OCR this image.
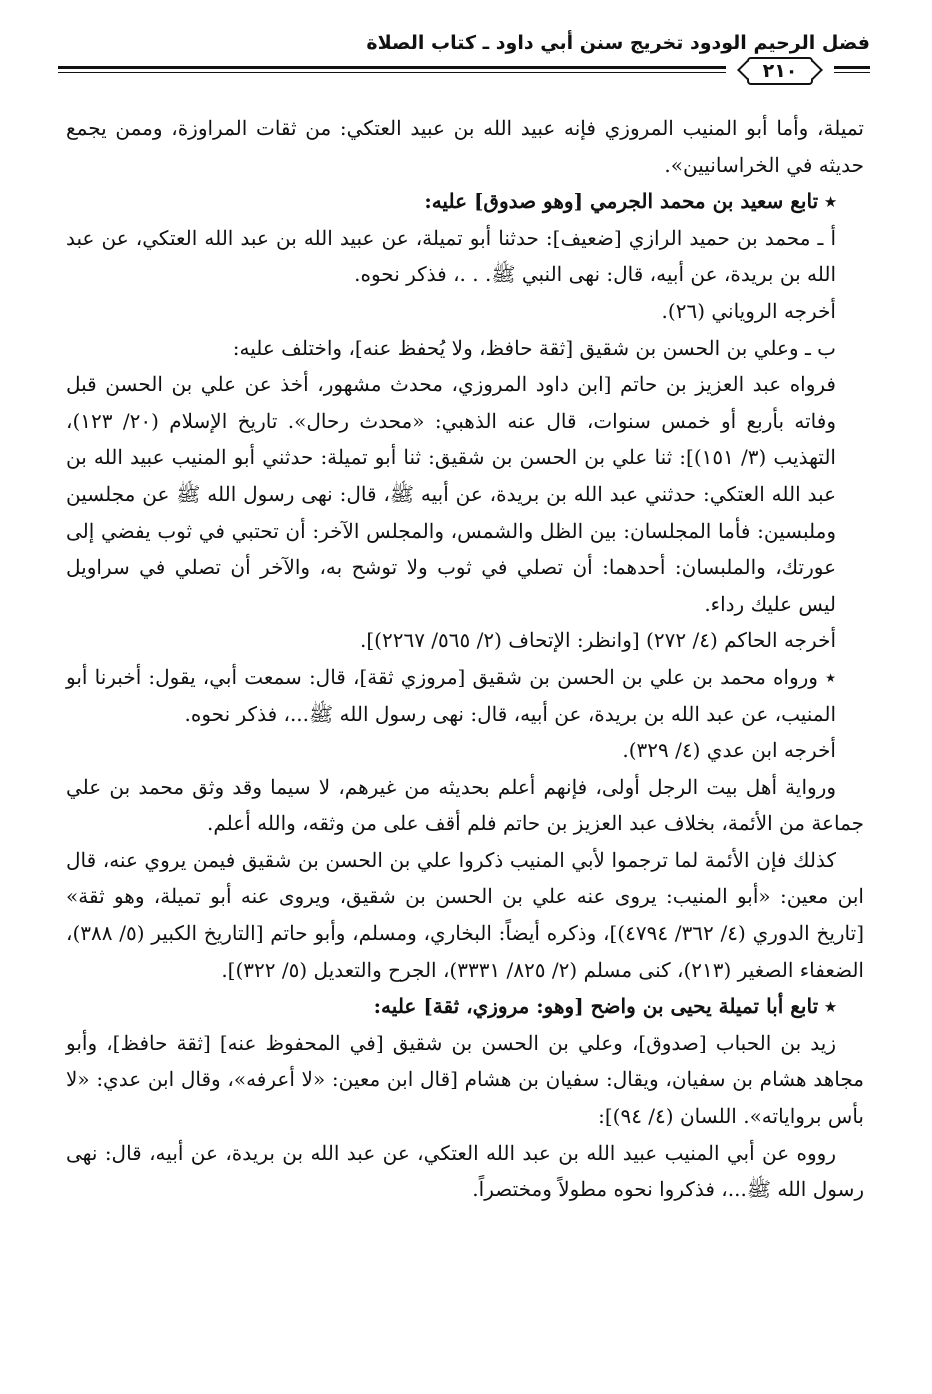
فضل الرحيم الودود تخريج سنن أبي داود ـ كتاب الصلاة
٢١٠

تميلة، وأما أبو المنيب المروزي فإنه عبيد الله بن عبيد العتكي: من ثقات المراوزة، وممن يجمع حديثه في الخراسانيين».

٭ تابع سعيد بن محمد الجرمي [وهو صدوق] عليه:

أ ـ محمد بن حميد الرازي [ضعيف]: حدثنا أبو تميلة، عن عبيد الله بن عبد الله العتكي، عن عبد الله بن بريدة، عن أبيه، قال: نهى النبي ﷺ. . .، فذكر نحوه.

أخرجه الروياني (٢٦).

ب ـ وعلي بن الحسن بن شقيق [ثقة حافظ، ولا يُحفظ عنه]، واختلف عليه:

فرواه عبد العزيز بن حاتم [ابن داود المروزي، محدث مشهور، أخذ عن علي بن الحسن قبل وفاته بأربع أو خمس سنوات، قال عنه الذهبي: «محدث رحال». تاريخ الإسلام (٢٠/ ١٢٣)، التهذيب (٣/ ١٥١)]: ثنا علي بن الحسن بن شقيق: ثنا أبو تميلة: حدثني أبو المنيب عبيد الله بن عبد الله العتكي: حدثني عبد الله بن بريدة، عن أبيه ﷺ، قال: نهى رسول الله ﷺ عن مجلسين وملبسين: فأما المجلسان: بين الظل والشمس، والمجلس الآخر: أن تحتبي في ثوب يفضي إلى عورتك، والملبسان: أحدهما: أن تصلي في ثوب ولا توشح به، والآخر أن تصلي في سراويل ليس عليك رداء.

أخرجه الحاكم (٤/ ٢٧٢) [وانظر: الإتحاف (٢/ ٥٦٥/ ٢٢٦٧)].

٭ ورواه محمد بن علي بن الحسن بن شقيق [مروزي ثقة]، قال: سمعت أبي، يقول: أخبرنا أبو المنيب، عن عبد الله بن بريدة، عن أبيه، قال: نهى رسول الله ﷺ...، فذكر نحوه.

أخرجه ابن عدي (٤/ ٣٢٩).

ورواية أهل بيت الرجل أولى، فإنهم أعلم بحديثه من غيرهم، لا سيما وقد وثق محمد بن علي جماعة من الأئمة، بخلاف عبد العزيز بن حاتم فلم أقف على من وثقه، والله أعلم.

كذلك فإن الأئمة لما ترجموا لأبي المنيب ذكروا علي بن الحسن بن شقيق فيمن يروي عنه، قال ابن معين: «أبو المنيب: يروى عنه علي بن الحسن بن شقيق، ويروى عنه أبو تميلة، وهو ثقة» [تاريخ الدوري (٤/ ٣٦٢/ ٤٧٩٤)]، وذكره أيضاً: البخاري، ومسلم، وأبو حاتم [التاريخ الكبير (٥/ ٣٨٨)، الضعفاء الصغير (٢١٣)، كنى مسلم (٢/ ٨٢٥/ ٣٣٣١)، الجرح والتعديل (٥/ ٣٢٢)].

٭ تابع أبا تميلة يحيى بن واضح [وهو: مروزي، ثقة] عليه:

زيد بن الحباب [صدوق]، وعلي بن الحسن بن شقيق [في المحفوظ عنه] [ثقة حافظ]، وأبو مجاهد هشام بن سفيان، ويقال: سفيان بن هشام [قال ابن معين: «لا أعرفه»، وقال ابن عدي: «لا بأس برواياته». اللسان (٤/ ٩٤)]:

رووه عن أبي المنيب عبيد الله بن عبد الله العتكي، عن عبد الله بن بريدة، عن أبيه، قال: نهى رسول الله ﷺ...، فذكروا نحوه مطولاً ومختصراً.
